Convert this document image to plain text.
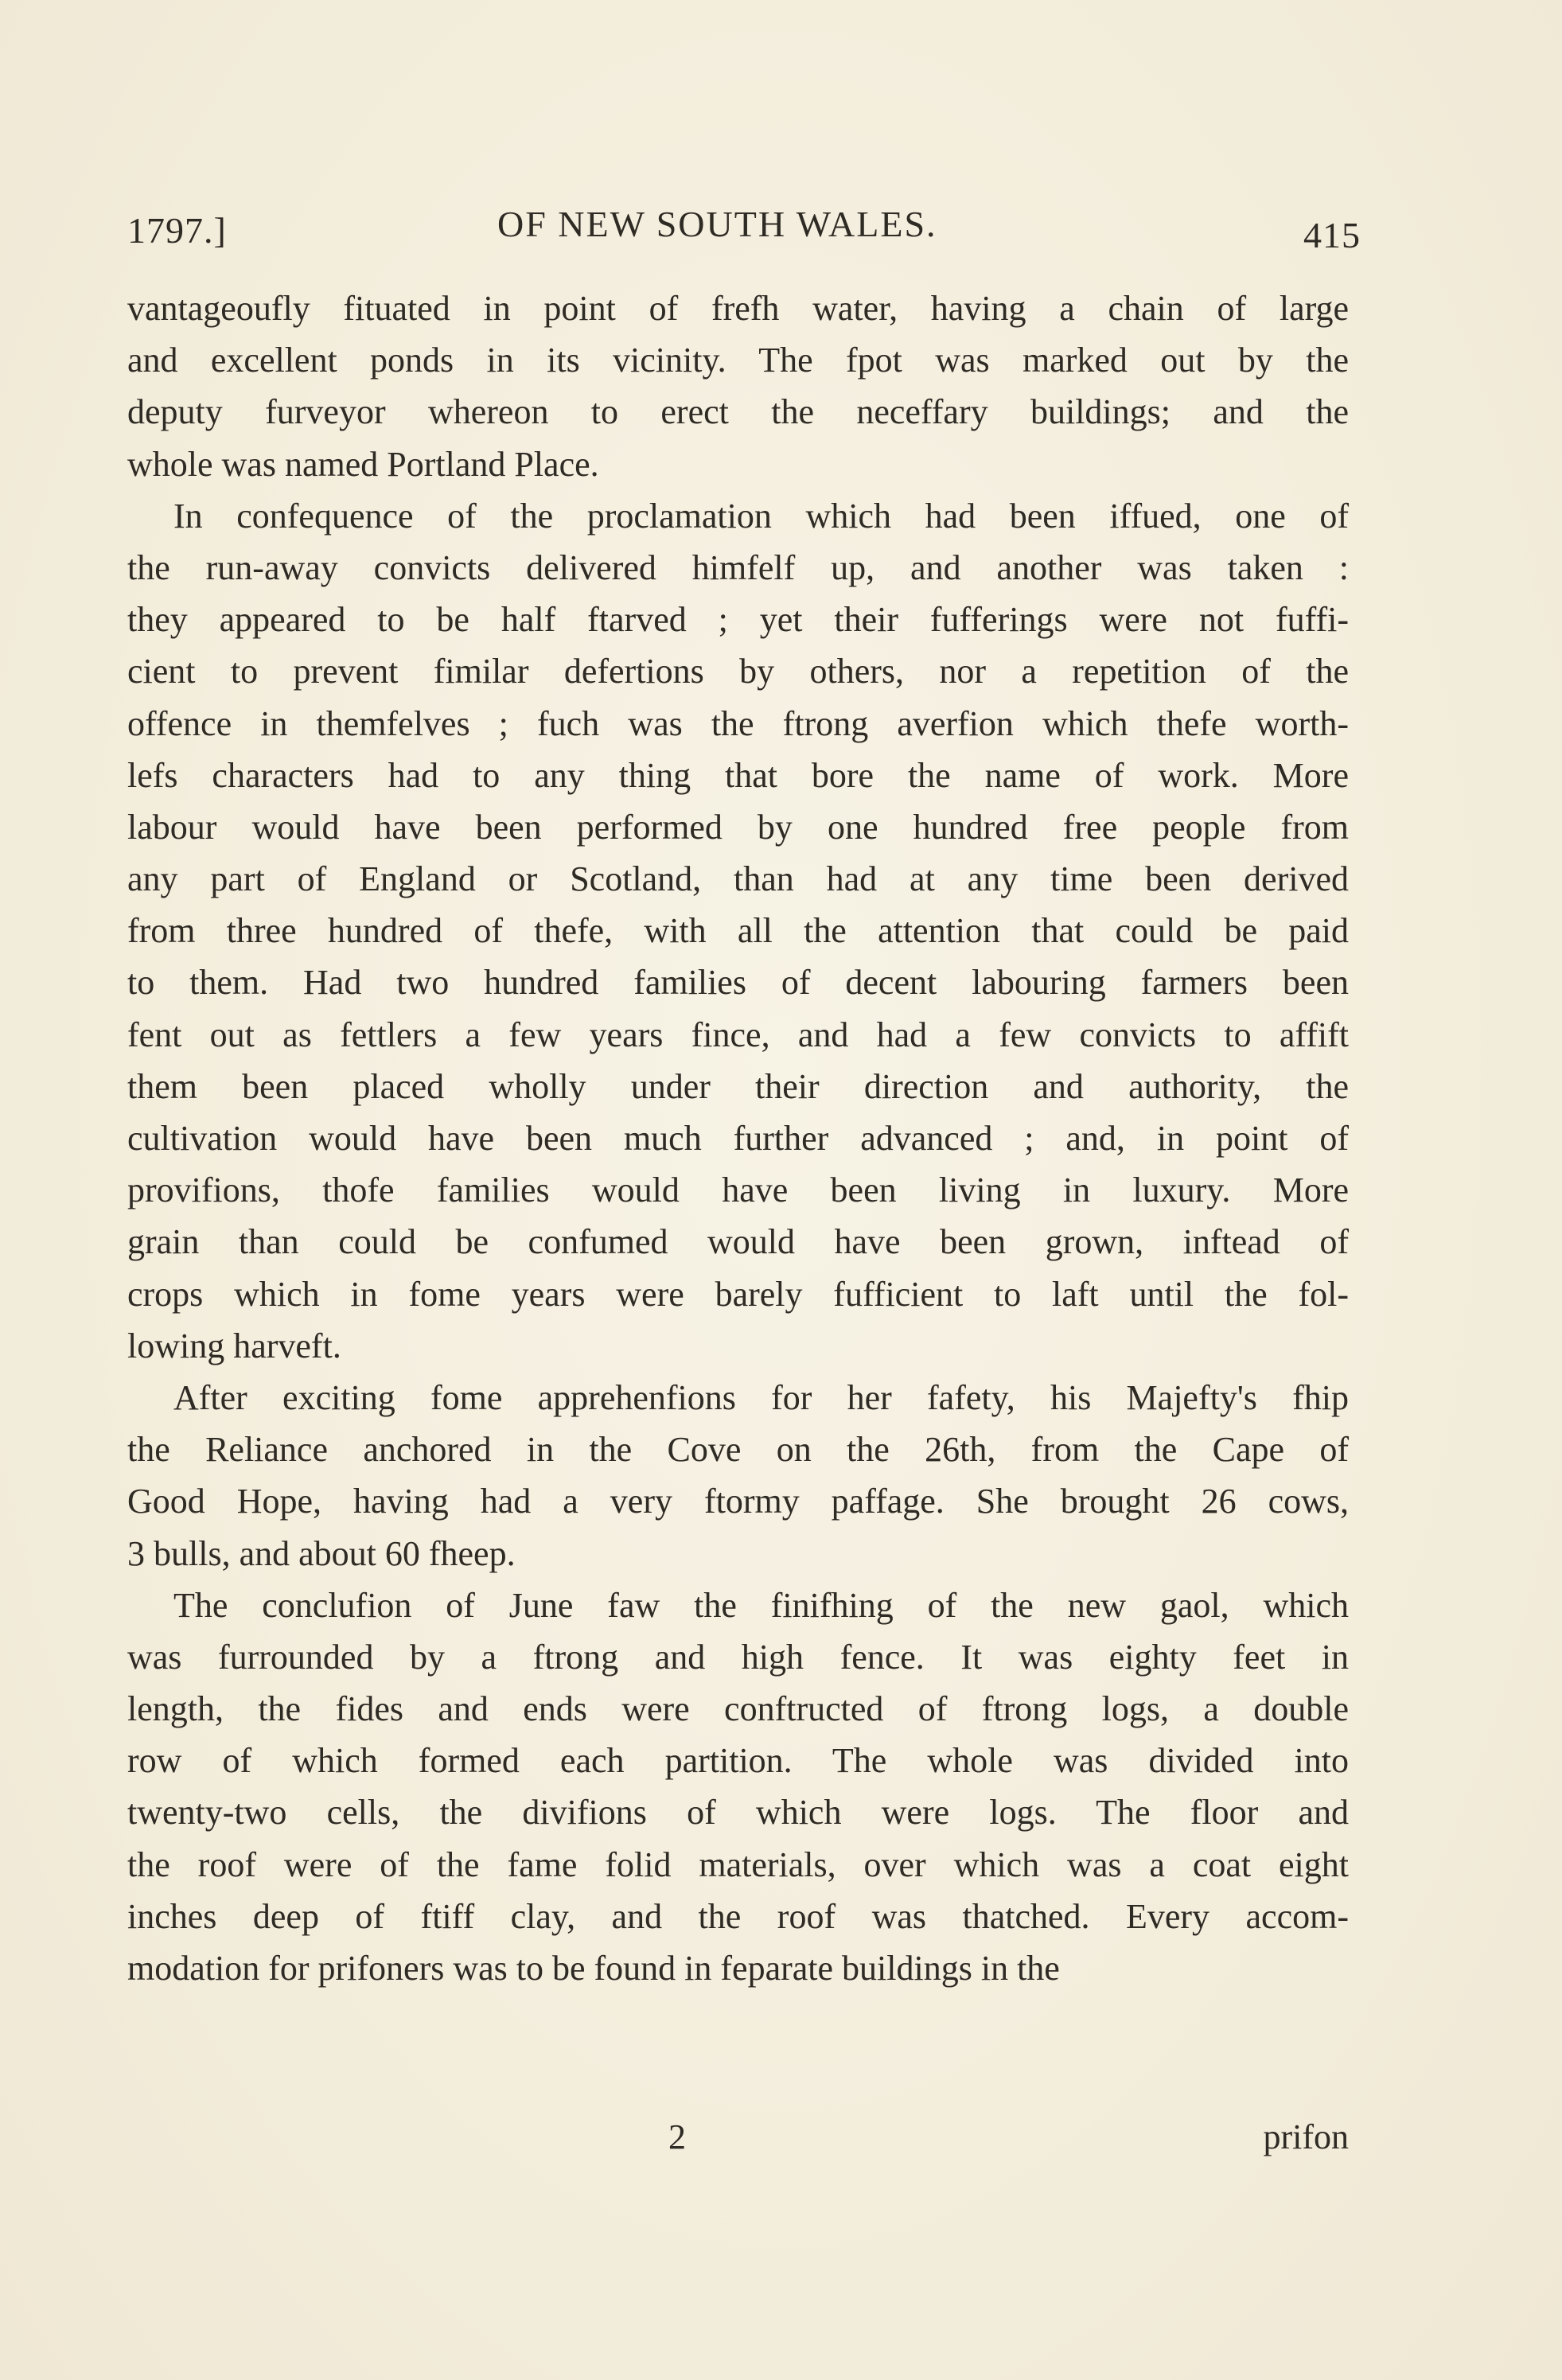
1797.]	OF NEW SOUTH WALES.	415
vantageoufly fituated in point of frefh water, having a chain of large
and excellent ponds in its vicinity. The fpot was marked out by the
deputy furveyor whereon to erect the neceffary buildings; and the
whole was named Portland Place.
In confequence of the proclamation which had been iffued, one of
the run-away convicts delivered himfelf up, and another was taken :
they appeared to be half ftarved ; yet their fufferings were not fuffi-
cient to prevent fimilar defertions by others, nor a repetition of the
offence in themfelves ; fuch was the ftrong averfion which thefe worth-
lefs characters had to any thing that bore the name of work. More
labour would have been performed by one hundred free people from
any part of England or Scotland, than had at any time been derived
from three hundred of thefe, with all the attention that could be paid
to them. Had two hundred families of decent labouring farmers been
fent out as fettlers a few years fince, and had a few convicts to affift
them been placed wholly under their direction and authority, the
cultivation would have been much further advanced ; and, in point of
provifions, thofe families would have been living in luxury. More
grain than could be confumed would have been grown, inftead of
crops which in fome years were barely fufficient to laft until the fol-
lowing harveft.
After exciting fome apprehenfions for her fafety, his Majefty's fhip
the Reliance anchored in the Cove on the 26th, from the Cape of
Good Hope, having had a very ftormy paffage. She brought 26 cows,
3 bulls, and about 60 fheep.
The conclufion of June faw the finifhing of the new gaol, which
was furrounded by a ftrong and high fence. It was eighty feet in
length, the fides and ends were conftructed of ftrong logs, a double
row of which formed each partition. The whole was divided into
twenty-two cells, the divifions of which were logs. The floor and
the roof were of the fame folid materials, over which was a coat eight
inches deep of ftiff clay, and the roof was thatched. Every accom-
modation for prifoners was to be found in feparate buildings in the
2	prifon
